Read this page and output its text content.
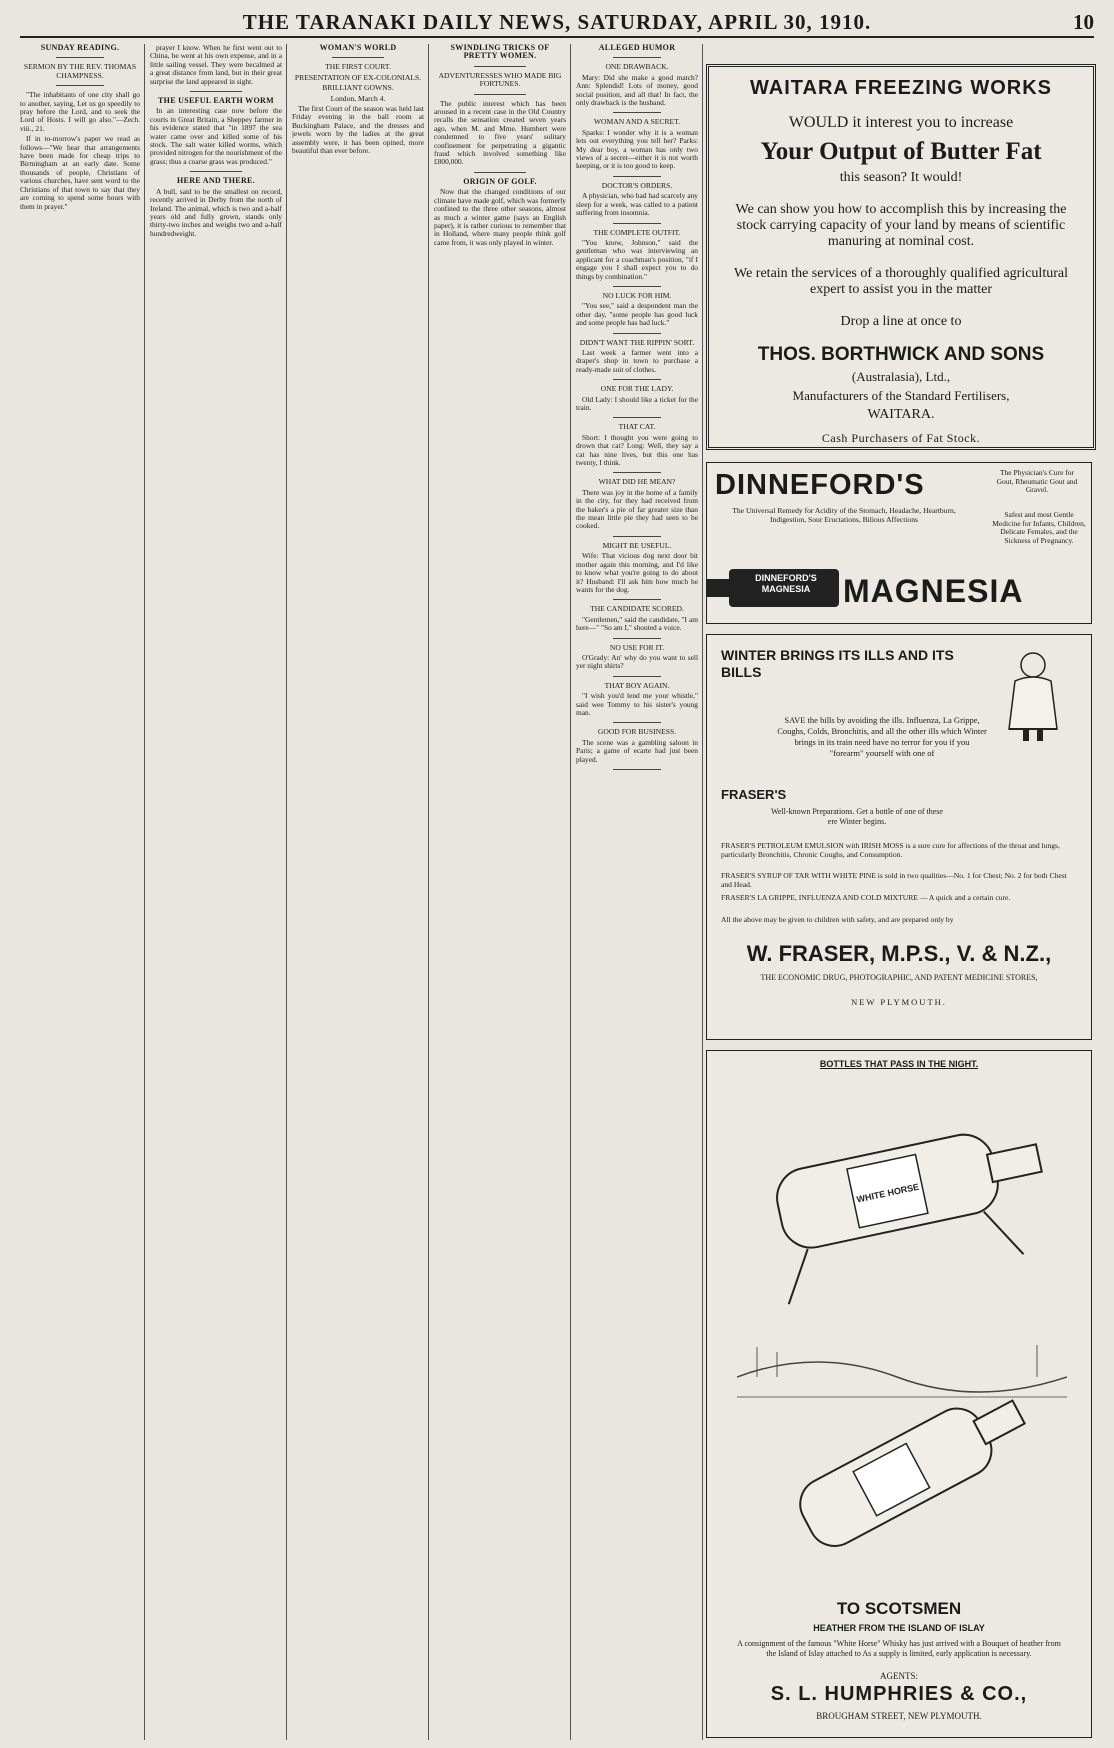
THE TARANAKI DAILY NEWS, SATURDAY, APRIL 30, 1910.	10

SUNDAY READING.

SERMON BY THE REV. THOMAS CHAMPNESS.

"The inhabitants of one city shall go to another, saying, Let us go speedily to pray before the Lord, and to seek the Lord of Hosts. I will go also."—Zech. viii., 21.

If in to-morrow's paper we read as follows—"We hear that arrangements have been made for cheap trips to Birmingham at an early date. Some thousands of people, Christians of various churches, have sent word to the Christians of that town to say that they are coming to spend some hours with them in prayer."

prayer I know. When he first went out to China, he went at his own expense, and in a little sailing vessel. They were becalmed at a great distance from land, but in their great surprise the land appeared in sight.

THE USEFUL EARTH WORM

In an interesting case now before the courts in Great Britain, a Sheppey farmer in his evidence stated that "in 1897 the sea water came over and killed some of his stock. The salt water killed worms, which provided nitrogen for the nourishment of the grass; thus a coarse grass was produced."

HERE AND THERE.

A bull, said to be the smallest on record, recently arrived in Derby from the north of Ireland. The animal, which is two and a-half years old and fully grown, stands only thirty-two inches and weighs two and a-half hundredweight.

WOMAN'S WORLD

THE FIRST COURT.

PRESENTATION OF EX-COLONIALS.

BRILLIANT GOWNS.

London, March 4.

The first Court of the season was held last Friday evening in the ball room at Buckingham Palace, and the dresses and jewels worn by the ladies at the great assembly were, it has been opined, more beautiful than ever before.

SWINDLING TRICKS OF PRETTY WOMEN.

ADVENTURESSES WHO MADE BIG FORTUNES.

The public interest which has been aroused in a recent case in the Old Country recalls the sensation created seven years ago, when M. and Mme. Humbert were condemned to five years' solitary confinement for perpetrating a gigantic fraud which involved something like £800,000.

ORIGIN OF GOLF.

Now that the changed conditions of our climate have made golf, which was formerly confined to the three other seasons, almost as much a winter game (says an English paper), it is rather curious to remember that in Holland, where many people think golf came from, it was only played in winter.

ALLEGED HUMOR

ONE DRAWBACK.

Mary: Did she make a good match? Ann: Splendid! Lots of money, good social position, and all that! In fact, the only drawback is the husband.

WOMAN AND A SECRET.

Sparks: I wonder why it is a woman lets out everything you tell her? Parks: My dear boy, a woman has only two views of a secret—either it is not worth keeping, or it is too good to keep.

DOCTOR'S ORDERS.

A physician, who had had scarcely any sleep for a week, was called to a patient suffering from insomnia.

THE COMPLETE OUTFIT.

"You know, Johnson," said the gentleman who was interviewing an applicant for a coachman's position, "if I engage you I shall expect you to do things by combination."

NO LUCK FOR HIM.

"You see," said a despondent man the other day, "some people has good luck and some people has bad luck."

DIDN'T WANT THE RIPPIN' SORT.

Last week a farmer went into a draper's shop in town to purchase a ready-made suit of clothes.

ONE FOR THE LADY.

Old Lady: I should like a ticket for the train.

THAT CAT.

Short: I thought you were going to drown that cat? Long: Well, they say a cat has nine lives, but this one has twenty, I think.

WHAT DID HE MEAN?

There was joy in the home of a family in the city, for they had received from the baker's a pie of far greater size than the mean little pie they had seen to be cooked.

MIGHT BE USEFUL.

Wife: That vicious dog next door bit mother again this morning, and I'd like to know what you're going to do about it? Husband: I'll ask him how much he wants for the dog.

THE CANDIDATE SCORED.

"Gentlemen," said the candidate, "I am here—" "So am I," shouted a voice.

NO USE FOR IT.

O'Grady: An' why do you want to sell yer night shirts?

THAT BOY AGAIN.

"I wish you'd lend me your whistle," said wee Tommy to his sister's young man.

GOOD FOR BUSINESS.

The scene was a gambling saloon in Paris; a game of ecarte had just been played.

WAITARA FREEZING WORKS
WOULD it interest you to increase
Your Output of Butter Fat
this season? It would!
We can show you how to accomplish this by increasing the stock carrying capacity of your land by means of scientific manuring at nominal cost.
We retain the services of a thoroughly qualified agricultural expert to assist you in the matter
Drop a line at once to
THOS. BORTHWICK AND SONS
(Australasia), Ltd.,
Manufacturers of the Standard Fertilisers,
WAITARA.
Cash Purchasers of Fat Stock.
DINNEFORD'S	The Physician's Cure for Gout, Rheumatic Gout and Gravel.
The Universal Remedy for Acidity of the Stomach, Headache, Heartburn, Indigestion, Sour Eructations, Bilious Affections
Safest and most Gentle Medicine for Infants, Children, Delicate Females, and the Sickness of Pregnancy.
DINNEFORD'S MAGNESIA	MAGNESIA
WINTER BRINGS ITS ILLS AND ITS BILLS
SAVE the bills by avoiding the ills. Influenza, La Grippe, Coughs, Colds, Bronchitis, and all the other ills which Winter brings in its train need have no terror for you if you "forearm" yourself with one of
FRASER'S
Well-known Preparations. Get a bottle of one of these ere Winter begins.
FRASER'S PETROLEUM EMULSION with IRISH MOSS is a sure cure for affections of the throat and lungs, particularly Bronchitis, Chronic Coughs, and Consumption.
FRASER'S SYRUP OF TAR WITH WHITE PINE is sold in two qualities—No. 1 for Chest; No. 2 for both Chest and Head.
FRASER'S LA GRIPPE, INFLUENZA AND COLD MIXTURE — A quick and a certain cure.
All the above may be given to children with safety, and are prepared only by
W. FRASER, M.P.S., V. & N.Z.,
THE ECONOMIC DRUG, PHOTOGRAPHIC, AND PATENT MEDICINE STORES,
NEW PLYMOUTH.
BOTTLES THAT PASS IN THE NIGHT.
WHITE HORSE
TO SCOTSMEN
HEATHER FROM THE ISLAND OF ISLAY
A consignment of the famous "White Horse" Whisky has just arrived with a Bouquet of heather from the Island of Islay attached to As a supply is limited, early application is necessary.
AGENTS:
S. L. HUMPHRIES & CO.,
BROUGHAM STREET, NEW PLYMOUTH.
